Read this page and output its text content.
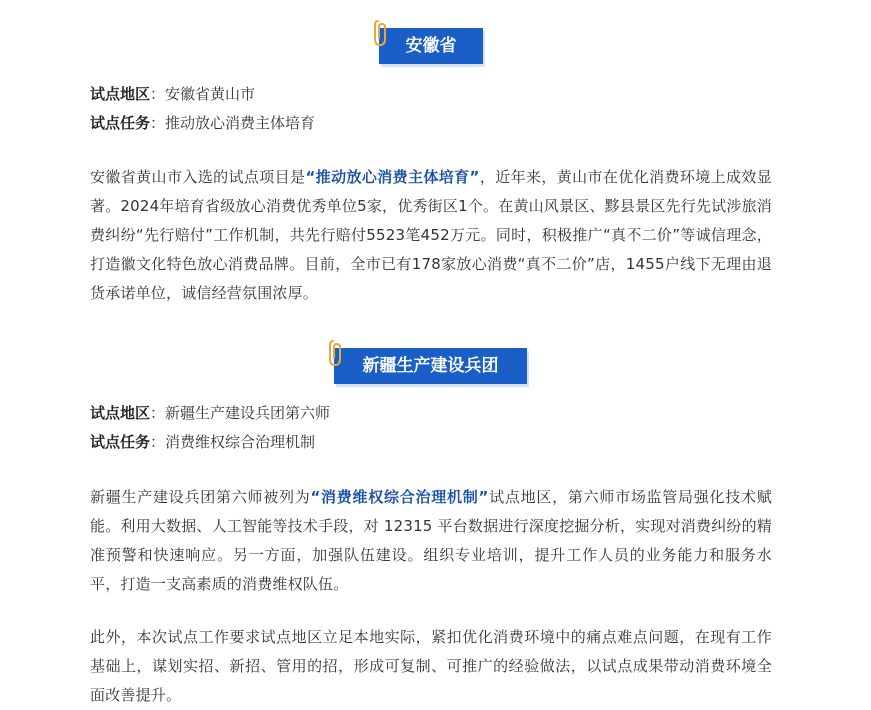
安徽省
试点地区：安徽省黄山市
试点任务：推动放心消费主体培育

安徽省黄山市入选的试点项目是“推动放心消费主体培育”，近年来，黄山市在优化消费环境上成效显著。2024年培育省级放心消费优秀单位5家，优秀街区1个。在黄山风景区、黟县景区先行先试涉旅消费纠纷“先行赔付”工作机制，共先行赔付5523笔452万元。同时，积极推广“真不二价”等诚信理念，打造徽文化特色放心消费品牌。目前，全市已有178家放心消费“真不二价”店，1455户线下无理由退货承诺单位，诚信经营氛围浓厚。

新疆生产建设兵团
试点地区：新疆生产建设兵团第六师
试点任务：消费维权综合治理机制

新疆生产建设兵团第六师被列为“消费维权综合治理机制”试点地区，第六师市场监管局强化技术赋能。利用大数据、人工智能等技术手段，对 12315 平台数据进行深度挖掘分析，实现对消费纠纷的精准预警和快速响应。另一方面，加强队伍建设。组织专业培训，提升工作人员的业务能力和服务水平，打造一支高素质的消费维权队伍。

此外，本次试点工作要求试点地区立足本地实际，紧扣优化消费环境中的痛点难点问题，在现有工作基础上，谋划实招、新招、管用的招，形成可复制、可推广的经验做法，以试点成果带动消费环境全面改善提升。
